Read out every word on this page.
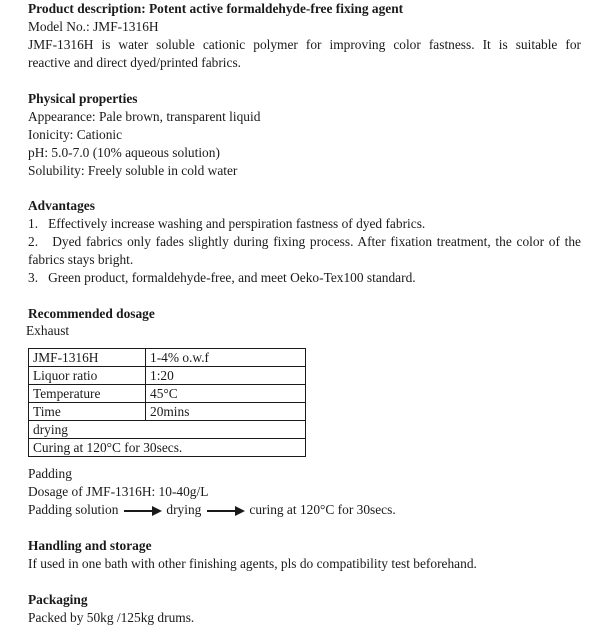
Product description: Potent active formaldehyde-free fixing agent
Model No.: JMF-1316H
JMF-1316H is water soluble cationic polymer for improving color fastness. It is suitable for
reactive and direct dyed/printed fabrics.
Physical properties
Appearance: Pale brown, transparent liquid
Ionicity: Cationic
pH: 5.0-7.0 (10% aqueous solution)
Solubility: Freely soluble in cold water
Advantages
1.   Effectively increase washing and perspiration fastness of dyed fabrics.
2.   Dyed fabrics only fades slightly during fixing process. After fixation treatment, the color of the
fabrics stays bright.
3.   Green product, formaldehyde-free, and meet Oeko-Tex100 standard.
Recommended dosage
Exhaust
JMF-1316H	1-4% o.w.f
Liquor ratio	1:20
Temperature	45°C
Time	20mins
drying	
Curing at 120°C for 30secs.	
Padding
Dosage of JMF-1316H: 10-40g/L
Padding solution	drying	curing at 120°C for 30secs.
Handling and storage
If used in one bath with other finishing agents, pls do compatibility test beforehand.
Packaging
Packed by 50kg /125kg drums.
